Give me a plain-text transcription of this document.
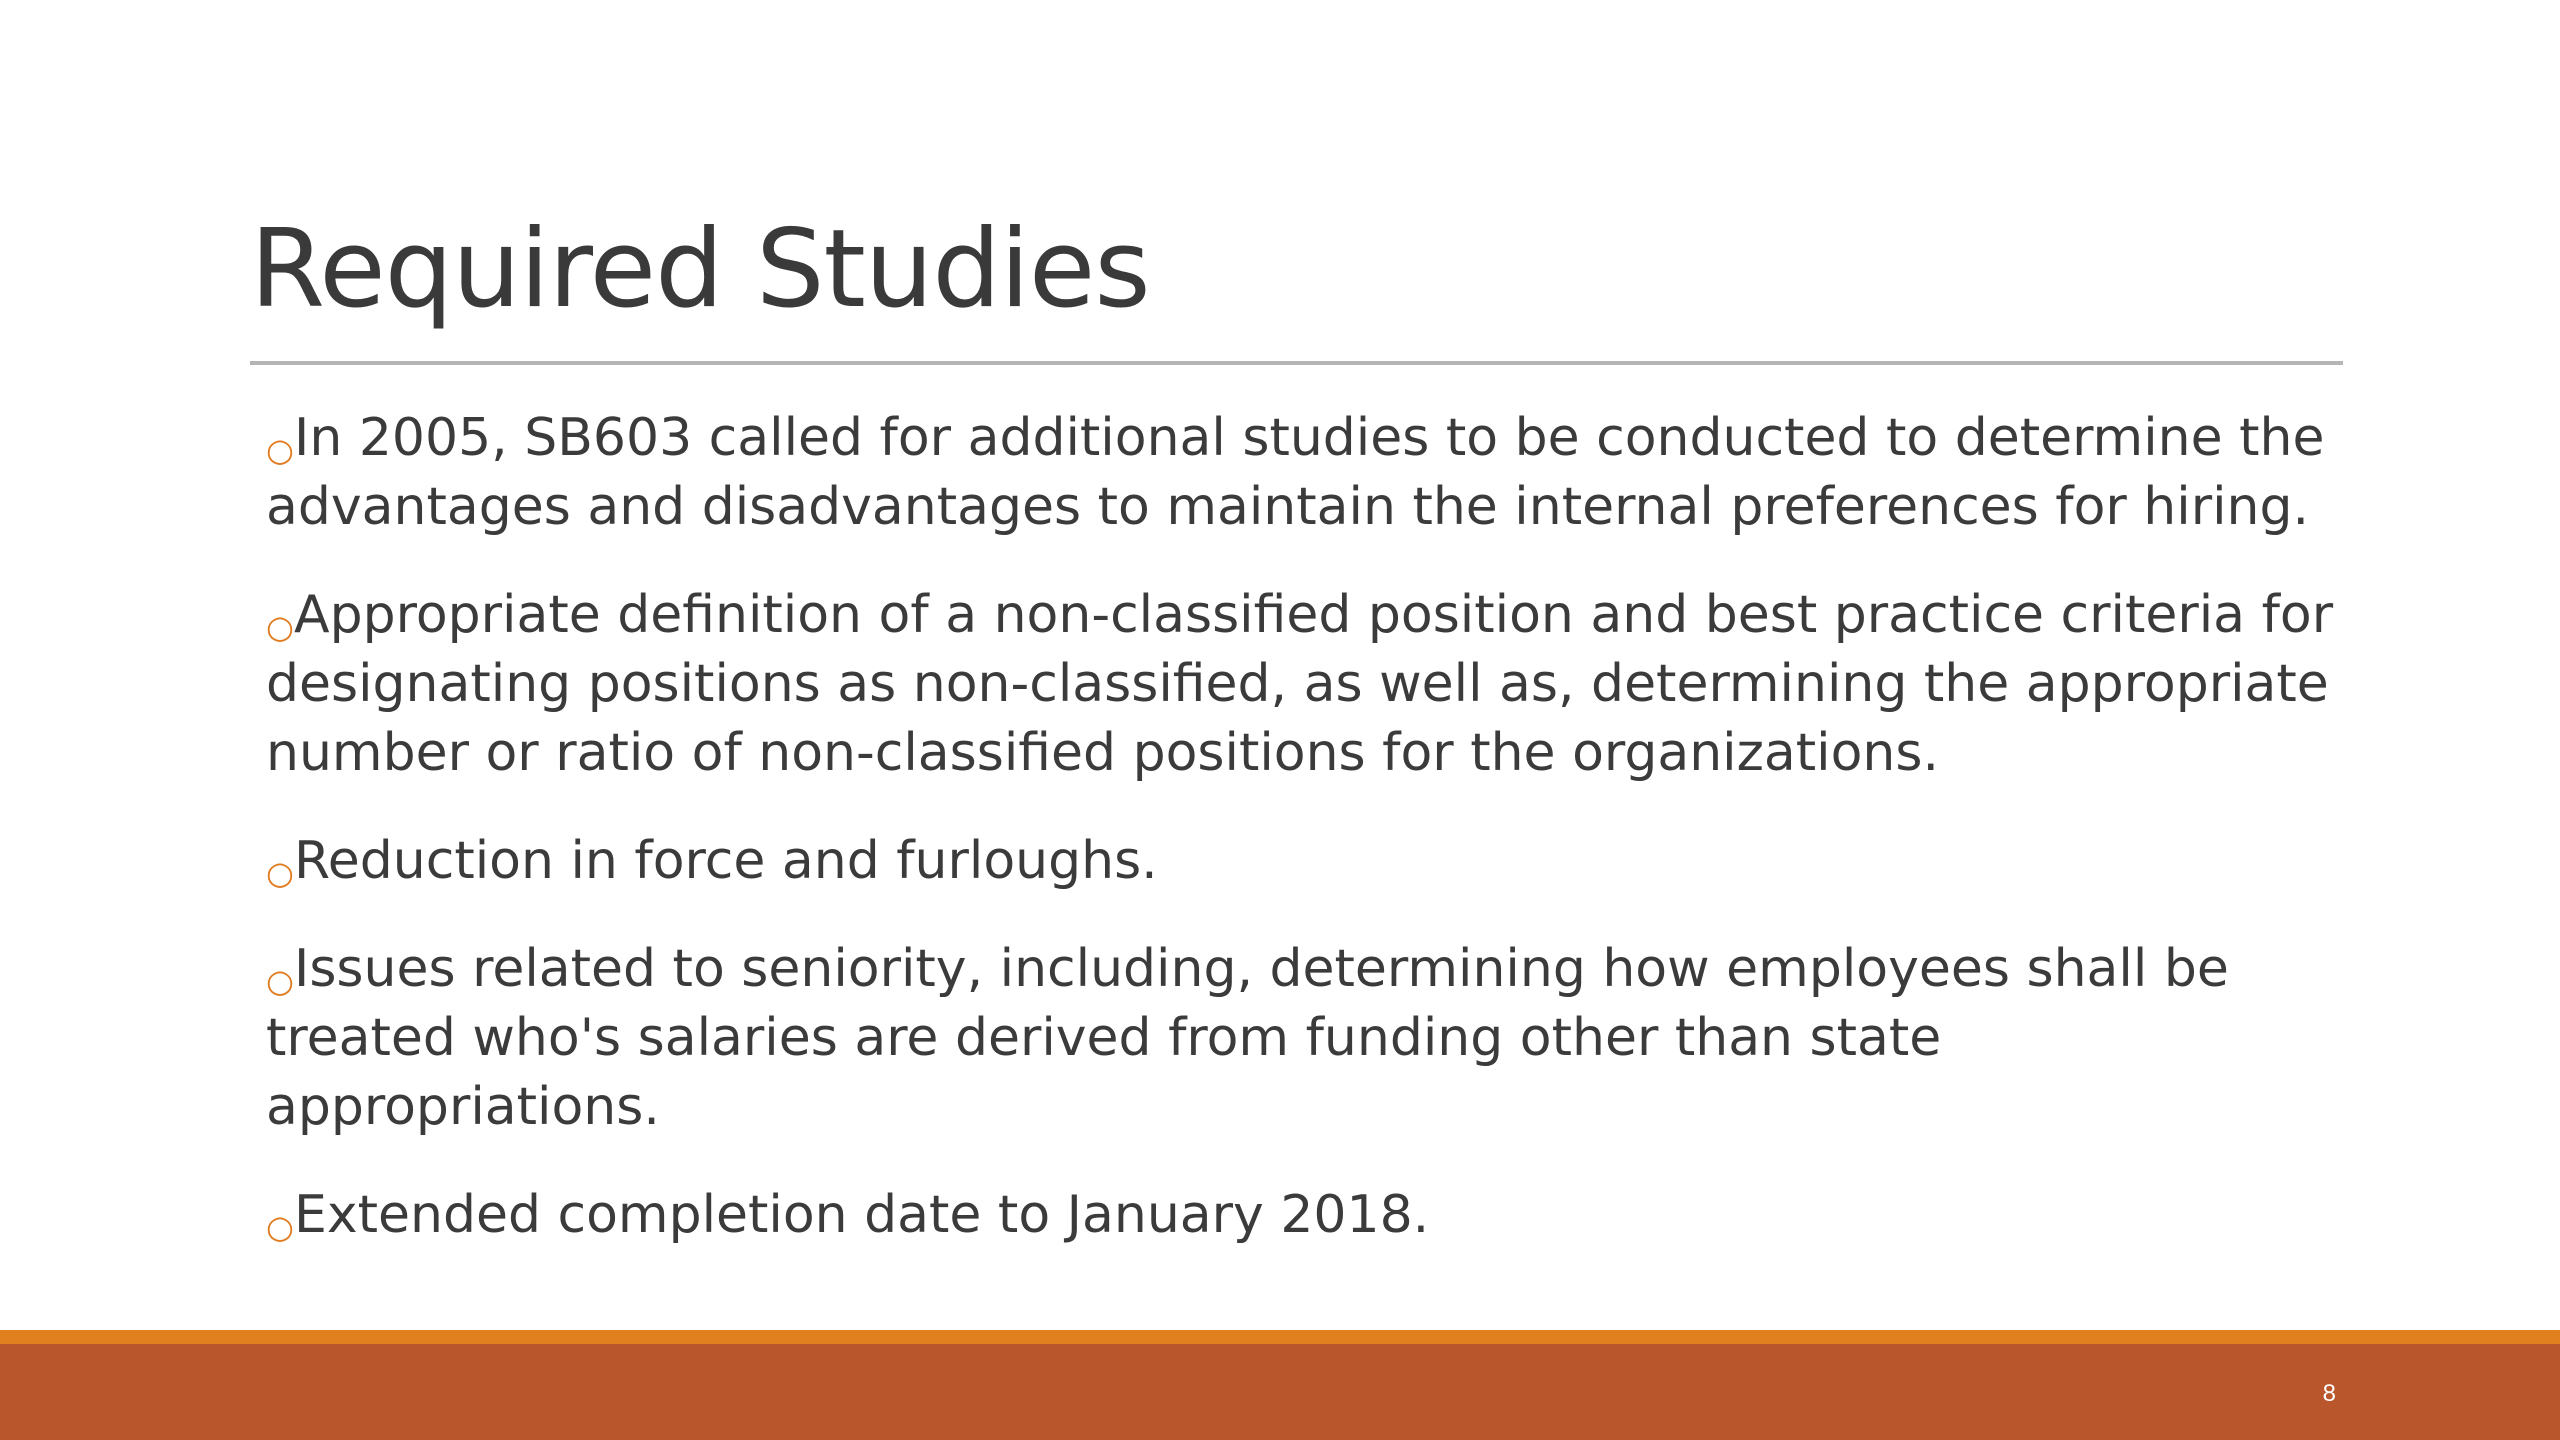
Required Studies
○In 2005, SB603 called for additional studies to be conducted to determine the advantages and disadvantages to maintain the internal preferences for hiring.
○Appropriate definition of a non-classified position and best practice criteria for designating positions as non-classified, as well as, determining the appropriate number or ratio of non-classified positions for the organizations.
○Reduction in force and furloughs.
○Issues related to seniority, including, determining how employees shall be treated who's salaries are derived from funding other than state appropriations.
○Extended completion date to January 2018.
8
